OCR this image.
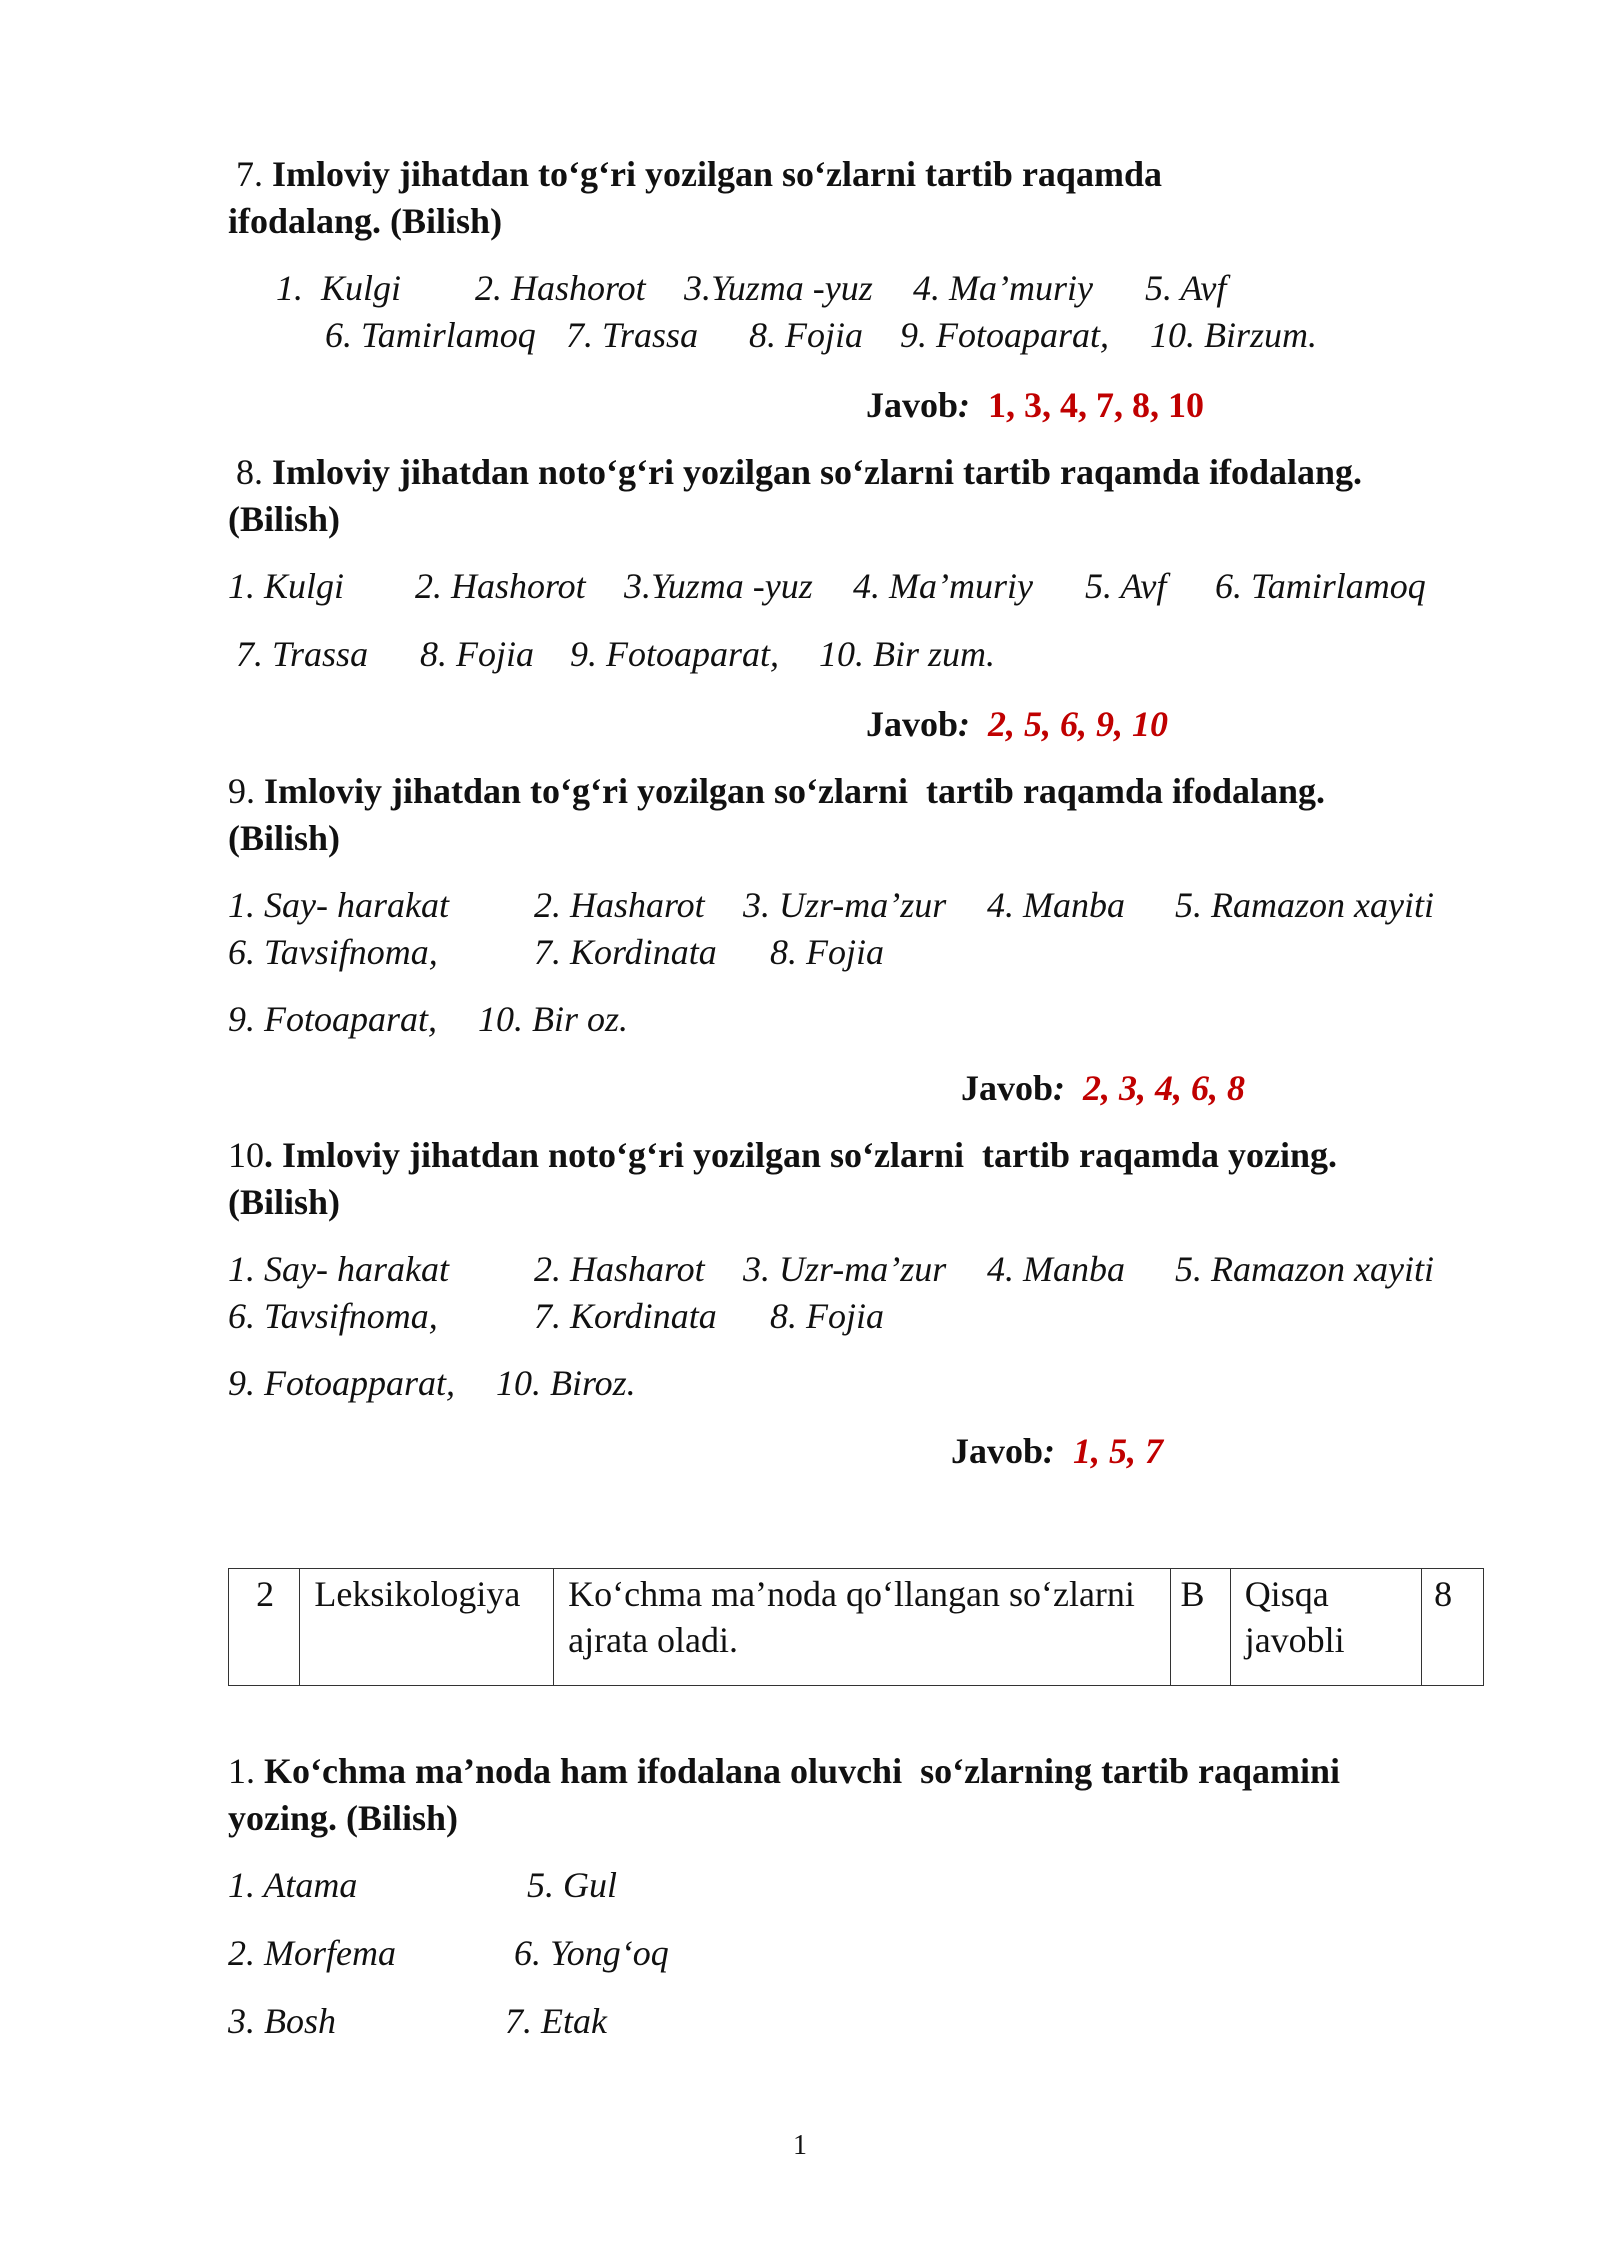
7. Imloviy jihatdan to‘g‘ri yozilgan so‘zlarni tartib raqamda
ifodalang. (Bilish)
1.  Kulgi 2. Hashorot 3.Yuzma -yuz 4. Ma’muriy 5. Avf
6. Tamirlamoq 7. Trassa 8. Fojia 9. Fotoaparat, 10. Birzum.
Javob: 1, 3, 4, 7, 8, 10
8. Imloviy jihatdan noto‘g‘ri yozilgan so‘zlarni tartib raqamda ifodalang.
(Bilish)
1. Kulgi 2. Hashorot 3.Yuzma -yuz 4. Ma’muriy 5. Avf 6. Tamirlamoq
7. Trassa 8. Fojia 9. Fotoaparat, 10. Bir zum.
Javob: 2, 5, 6, 9, 10
9. Imloviy jihatdan to‘g‘ri yozilgan so‘zlarni  tartib raqamda ifodalang.
(Bilish)
1. Say- harakat 2. Hasharot 3. Uzr-ma’zur 4. Manba 5. Ramazon xayiti
6. Tavsifnoma,	7. Kordinata 8. Fojia
9. Fotoaparat, 10. Bir oz.
Javob: 2, 3, 4, 6, 8
10. Imloviy jihatdan noto‘g‘ri yozilgan so‘zlarni  tartib raqamda yozing.
(Bilish)
1. Say- harakat 2. Hasharot 3. Uzr-ma’zur 4. Manba 5. Ramazon xayiti
6. Tavsifnoma,	7. Kordinata 8. Fojia
9. Fotoapparat, 10. Biroz.
Javob: 1, 5, 7
2	Leksikologiya	Ko‘chma ma’noda qo‘llangan so‘zlarni ajrata oladi.	B	Qisqa javobli	8
1. Ko‘chma ma’noda ham ifodalana oluvchi  so‘zlarning tartib raqamini
yozing. (Bilish)
1. Atama	5. Gul
2. Morfema	6. Yong‘oq
3. Bosh	7. Etak
1
